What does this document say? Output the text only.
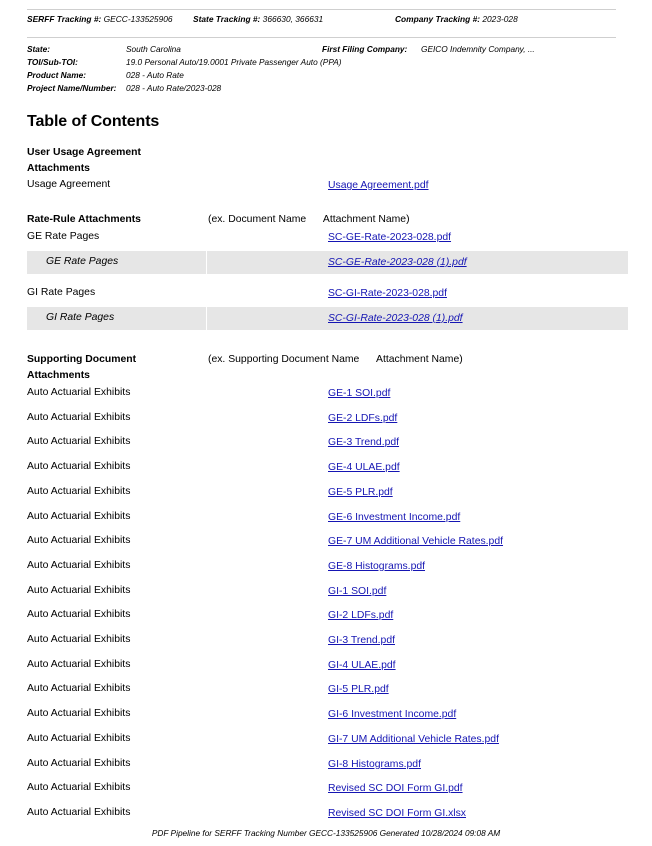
SERFF Tracking #: GECC-133525906 State Tracking #: 366630, 366631	Company Tracking #: 2023-028
State:	South Carolina	First Filing Company: GEICO Indemnity Company, ...
TOI/Sub-TOI:	19.0 Personal Auto/19.0001 Private Passenger Auto (PPA)
Product Name:	028 - Auto Rate
Project Name/Number: 028 - Auto Rate/2023-028
Table of Contents
User Usage Agreement
Attachments
Usage Agreement	Usage Agreement.pdf
Rate-Rule Attachments	(ex. Document Name      Attachment Name)
GE Rate Pages	SC-GE-Rate-2023-028.pdf
GE Rate Pages	SC-GE-Rate-2023-028 (1).pdf
GI Rate Pages	SC-GI-Rate-2023-028.pdf
GI Rate Pages	SC-GI-Rate-2023-028 (1).pdf
Supporting Document
Attachments
(ex. Supporting Document Name      Attachment Name)
Auto Actuarial Exhibits	GE-1 SOI.pdf
Auto Actuarial Exhibits	GE-2 LDFs.pdf
Auto Actuarial Exhibits	GE-3 Trend.pdf
Auto Actuarial Exhibits	GE-4 ULAE.pdf
Auto Actuarial Exhibits	GE-5 PLR.pdf
Auto Actuarial Exhibits	GE-6 Investment Income.pdf
Auto Actuarial Exhibits	GE-7 UM Additional Vehicle Rates.pdf
Auto Actuarial Exhibits	GE-8 Histograms.pdf
Auto Actuarial Exhibits	GI-1 SOI.pdf
Auto Actuarial Exhibits	GI-2 LDFs.pdf
Auto Actuarial Exhibits	GI-3 Trend.pdf
Auto Actuarial Exhibits	GI-4 ULAE.pdf
Auto Actuarial Exhibits	GI-5 PLR.pdf
Auto Actuarial Exhibits	GI-6 Investment Income.pdf
Auto Actuarial Exhibits	GI-7 UM Additional Vehicle Rates.pdf
Auto Actuarial Exhibits	GI-8 Histograms.pdf
Auto Actuarial Exhibits	Revised SC DOI Form GI.pdf
Auto Actuarial Exhibits	Revised SC DOI Form GI.xlsx
PDF Pipeline for SERFF Tracking Number GECC-133525906 Generated 10/28/2024 09:08 AM
